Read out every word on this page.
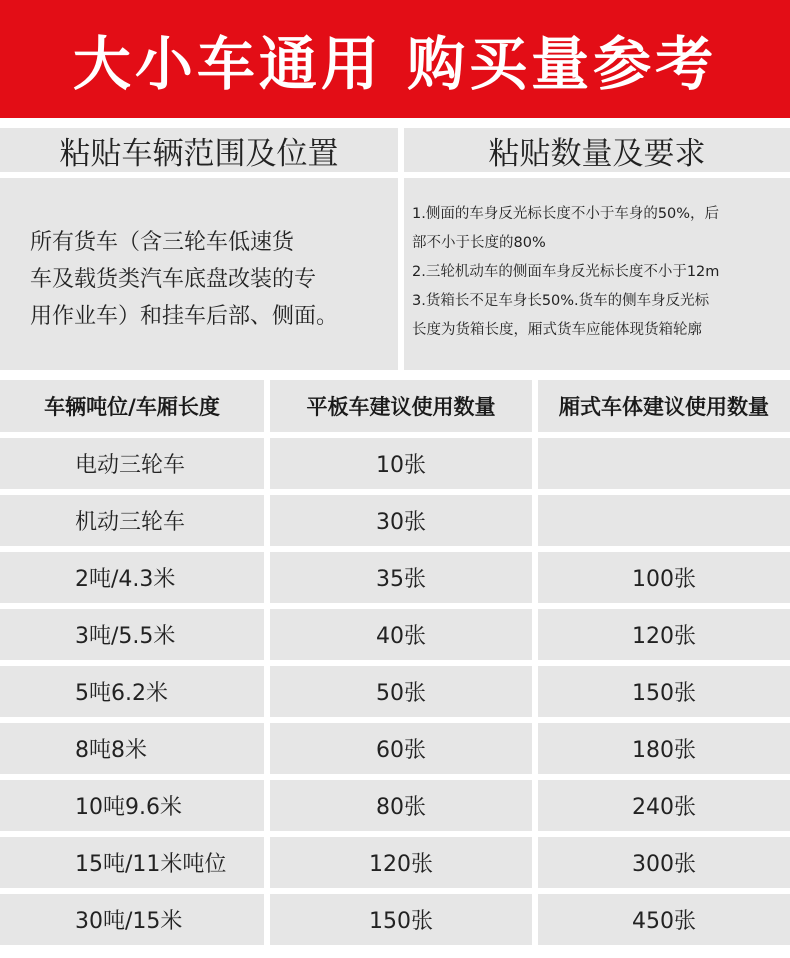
大小车通用 购买量参考
粘贴车辆范围及位置	粘贴数量及要求
所有货车（含三轮车低速货
车及载货类汽车底盘改装的专
用作业车）和挂车后部、侧面。
1.侧面的车身反光标长度不小于车身的50%，后
部不小于长度的80%
2.三轮机动车的侧面车身反光标长度不小于12m
3.货箱长不足车身长50%.货车的侧车身反光标
长度为货箱长度，厢式货车应能体现货箱轮廓
车辆吨位/车厢长度	平板车建议使用数量	厢式车体建议使用数量
电动三轮车	10张
机动三轮车	30张
2吨/4.3米	35张	100张
3吨/5.5米	40张	120张
5吨6.2米	50张	150张
8吨8米	60张	180张
10吨9.6米	80张	240张
15吨/11米吨位	120张	300张
30吨/15米	150张	450张
